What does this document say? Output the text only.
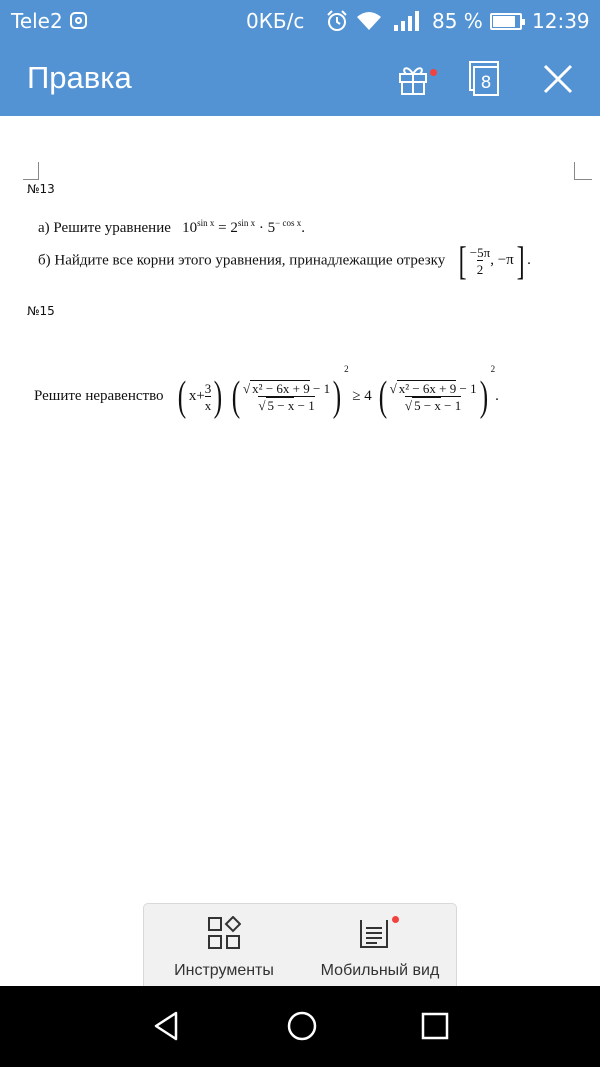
Tele2	0КБ/с	85 % 12:39
Правка	8
№13
а) Решите уравнение $10^{sin x} = 2^{sin x} \cdot 5^{- cos x}$.
б) Найдите все корни этого уравнения, принадлежащие отрезку [ $\frac{-5\pi}{2}$ , −π] .
№15
Решите неравенство ( $x+ \frac{3}{x}$ ) ( $\frac{\text{√ x² − 6x + 9 − 1}}{√ 5 - x - 1} )^2 \ge 4$ ( $\frac{\text{√ x² − 6x + 9 − 1}}{√ 5 - x - 1} )^2$.
Инструменты	Мобильный вид
